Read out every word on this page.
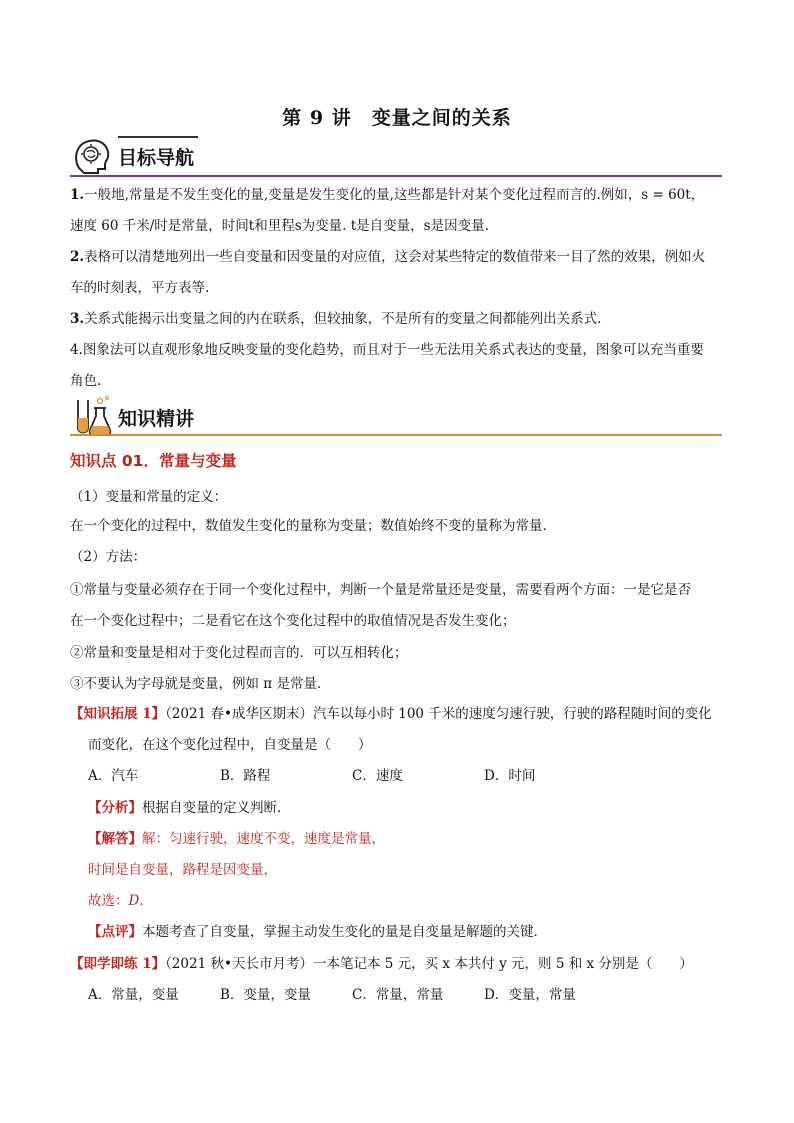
第 9 讲　变量之间的关系
目标导航
1.一般地,常量是不发生变化的量,变量是发生变化的量,这些都是针对某个变化过程而言的.例如，s = 60t，
速度 60 千米/时是常量，时间t和里程s为变量. t是自变量，s是因变量.
2.表格可以清楚地列出一些自变量和因变量的对应值，这会对某些特定的数值带来一目了然的效果，例如火
车的时刻表，平方表等.
3.关系式能揭示出变量之间的内在联系，但较抽象，不是所有的变量之间都能列出关系式.
4.图象法可以直观形象地反映变量的变化趋势，而且对于一些无法用关系式表达的变量，图象可以充当重要
角色.
知识精讲
知识点 01．常量与变量
（1）变量和常量的定义：
在一个变化的过程中，数值发生变化的量称为变量；数值始终不变的量称为常量．
（2）方法：
①常量与变量必须存在于同一个变化过程中，判断一个量是常量还是变量，需要看两个方面：一是它是否
在一个变化过程中；二是看它在这个变化过程中的取值情况是否发生变化；
②常量和变量是相对于变化过程而言的．可以互相转化；
③不要认为字母就是变量，例如 π 是常量．
【知识拓展 1】（2021 春•成华区期末）汽车以每小时 100 千米的速度匀速行驶，行驶的路程随时间的变化
而变化，在这个变化过程中，自变量是（　　）
A．汽车	B．路程	C．速度	D．时间
【分析】根据自变量的定义判断．
【解答】解：匀速行驶，速度不变，速度是常量，
时间是自变量，路程是因变量，
故选：D．
【点评】本题考查了自变量，掌握主动发生变化的量是自变量是解题的关键．
【即学即练 1】（2021 秋•天长市月考）一本笔记本 5 元，买 x 本共付 y 元，则 5 和 x 分别是（　　）
A．常量，变量	B．变量，变量	C．常量，常量	D．变量，常量
